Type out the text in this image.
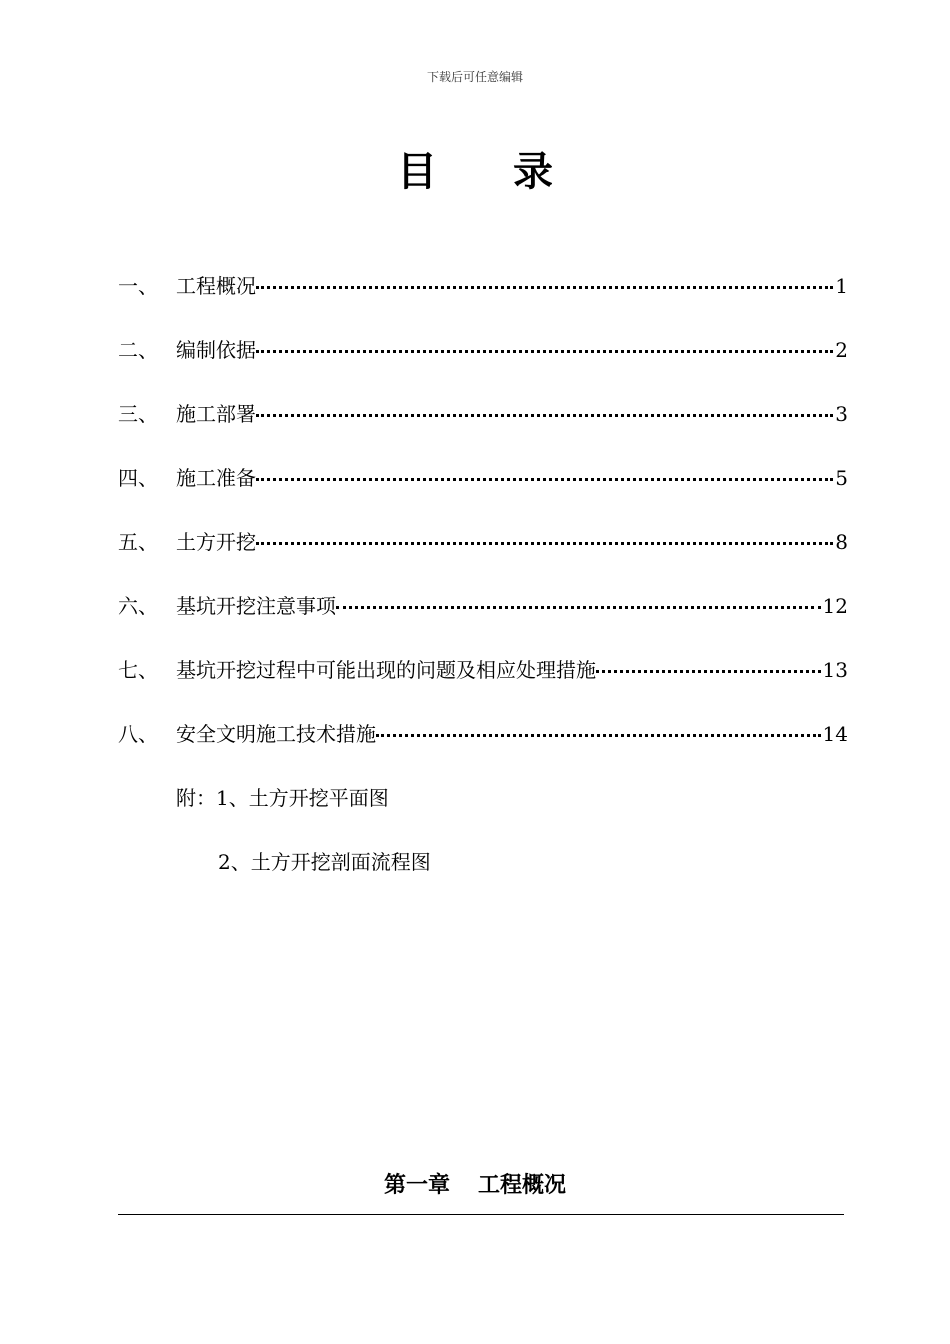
下载后可任意编辑
目录
一、 工程概况	1
二、 编制依据	2
三、 施工部署	3
四、 施工准备	5
五、 土方开挖	8
六、 基坑开挖注意事项	12
七、 基坑开挖过程中可能出现的问题及相应处理措施	13
八、 安全文明施工技术措施	14
附：1、土方开挖平面图
2、土方开挖剖面流程图
第一章 工程概况
